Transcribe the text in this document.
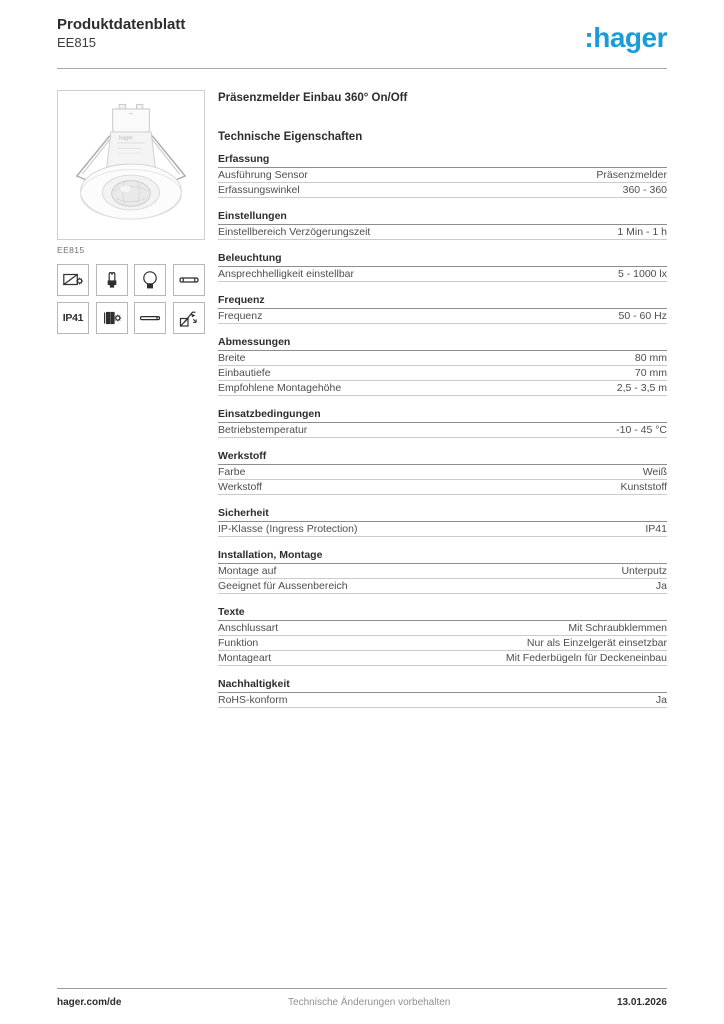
Produktdatenblatt
EE815	:hager
hager
EE815
IP41
Präsenzmelder Einbau 360° On/Off
Technische Eigenschaften
Erfassung
Ausführung Sensor	Präsenzmelder
Erfassungswinkel	360 - 360
Einstellungen
Einstellbereich Verzögerungszeit	1 Min - 1 h
Beleuchtung
Ansprechhelligkeit einstellbar	5 - 1000 lx
Frequenz
Frequenz	50 - 60 Hz
Abmessungen
Breite	80 mm
Einbautiefe	70 mm
Empfohlene Montagehöhe	2,5 - 3,5 m
Einsatzbedingungen
Betriebstemperatur	-10 - 45 °C
Werkstoff
Farbe	Weiß
Werkstoff	Kunststoff
Sicherheit
IP-Klasse (Ingress Protection)	IP41
Installation, Montage
Montage auf	Unterputz
Geeignet für Aussenbereich	Ja
Texte
Anschlussart	Mit Schraubklemmen
Funktion	Nur als Einzelgerät einsetzbar
Montageart	Mit Federbügeln für Deckeneinbau
Nachhaltigkeit
RoHS-konform	Ja
hager.com/de	Technische Änderungen vorbehalten	13.01.2026
